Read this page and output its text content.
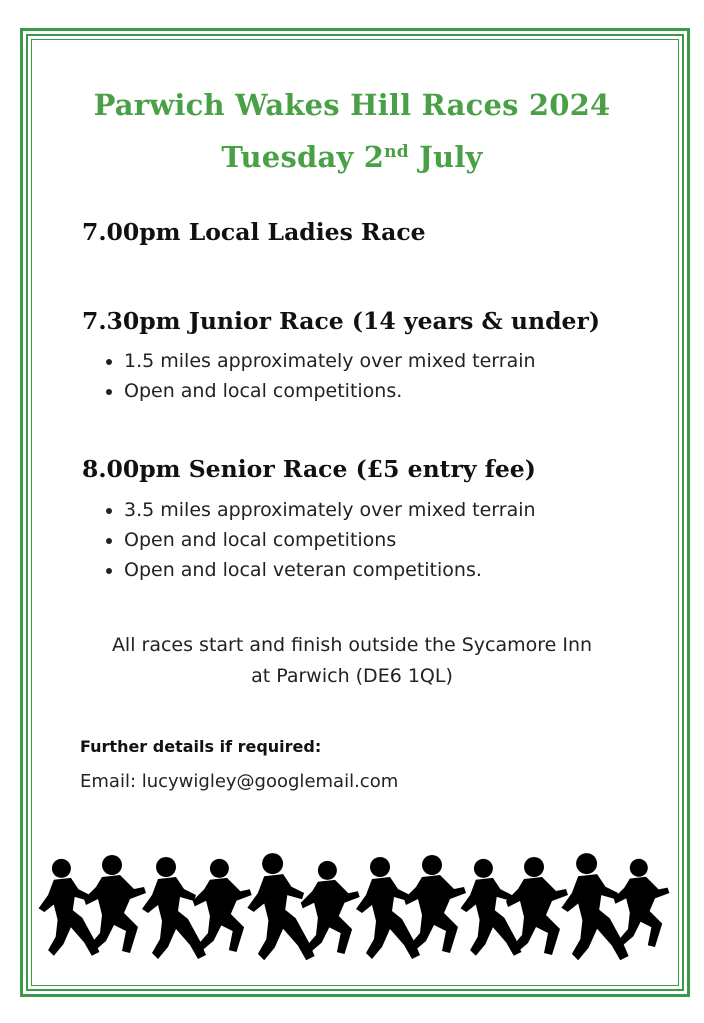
Parwich Wakes Hill Races 2024
Tuesday 2nd July
7.00pm Local Ladies Race
7.30pm Junior Race (14 years & under)
1.5 miles approximately over mixed terrain
Open and local competitions.
8.00pm Senior Race (£5 entry fee)
3.5 miles approximately over mixed terrain
Open and local competitions
Open and local veteran competitions.
All races start and finish outside the Sycamore Inn
at Parwich (DE6 1QL)
Further details if required:
Email: lucywigley@googlemail.com
